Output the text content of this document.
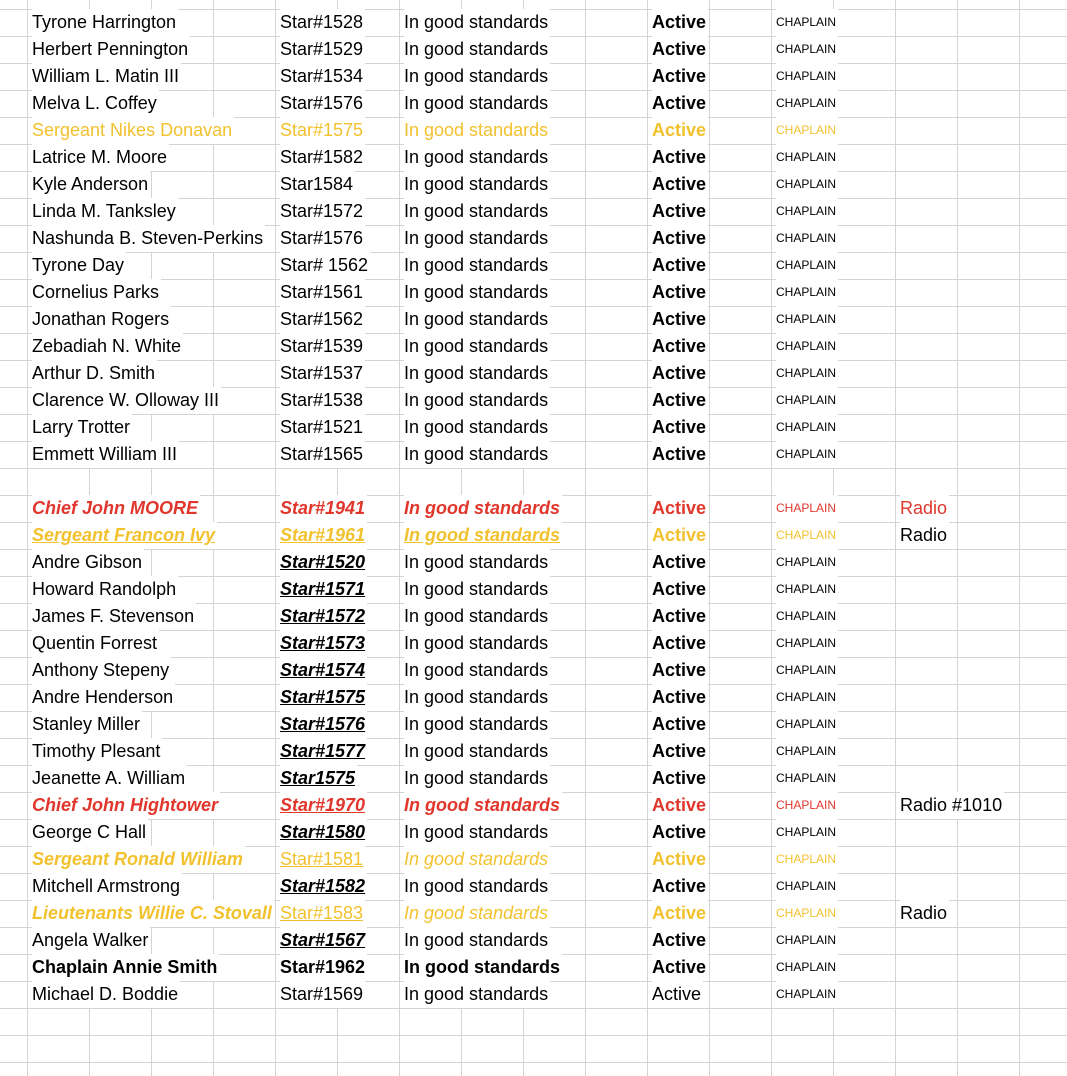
Tyrone Harrington	Star#1528 In good standards	Active	CHAPLAIN
Herbert Pennington	Star#1529 In good standards	Active	CHAPLAIN
William L. Matin III	Star#1534 In good standards	Active	CHAPLAIN
Melva L. Coffey	Star#1576 In good standards	Active	CHAPLAIN
Sergeant Nikes Donavan	Star#1575 In good standards	Active	CHAPLAIN
Latrice M. Moore	Star#1582 In good standards	Active	CHAPLAIN
Kyle Anderson	Star1584	In good standards	Active	CHAPLAIN
Linda M. Tanksley	Star#1572 In good standards	Active	CHAPLAIN
Nashunda B. Steven-Perkins Star#1576 In good standards	Active	CHAPLAIN
Tyrone Day	Star# 1562 In good standards	Active	CHAPLAIN
Cornelius Parks	Star#1561 In good standards	Active	CHAPLAIN
Jonathan Rogers	Star#1562 In good standards	Active	CHAPLAIN
Zebadiah N. White	Star#1539 In good standards	Active	CHAPLAIN
Arthur D. Smith	Star#1537 In good standards	Active	CHAPLAIN
Clarence W. Olloway III	Star#1538 In good standards	Active	CHAPLAIN
Larry Trotter	Star#1521 In good standards	Active	CHAPLAIN
Emmett William III	Star#1565 In good standards	Active	CHAPLAIN
Chief John MOORE	Star#1941 In good standards	Active	CHAPLAIN	Radio
Sergeant Francon Ivy	Star#1961 In good standards	Active	CHAPLAIN	Radio
Andre Gibson	Star#1520 In good standards	Active	CHAPLAIN
Howard Randolph	Star#1571 In good standards	Active	CHAPLAIN
James F. Stevenson	Star#1572 In good standards	Active	CHAPLAIN
Quentin Forrest	Star#1573 In good standards	Active	CHAPLAIN
Anthony Stepeny	Star#1574 In good standards	Active	CHAPLAIN
Andre Henderson	Star#1575 In good standards	Active	CHAPLAIN
Stanley Miller	Star#1576 In good standards	Active	CHAPLAIN
Timothy Plesant	Star#1577 In good standards	Active	CHAPLAIN
Jeanette A. William	Star1575	In good standards	Active	CHAPLAIN
Chief John Hightower	Star#1970 In good standards	Active	CHAPLAIN	Radio #1010
George C Hall	Star#1580 In good standards	Active	CHAPLAIN
Sergeant Ronald William Star#1581 In good standards	Active	CHAPLAIN
Mitchell Armstrong	Star#1582 In good standards	Active	CHAPLAIN
Lieutenants Willie C. Stovall Star#1583 In good standards	Active	CHAPLAIN	Radio
Angela Walker	Star#1567 In good standards	Active	CHAPLAIN
Chaplain Annie Smith	Star#1962 In good standards	Active	CHAPLAIN
Michael D. Boddie	Star#1569 In good standards	Active	CHAPLAIN
